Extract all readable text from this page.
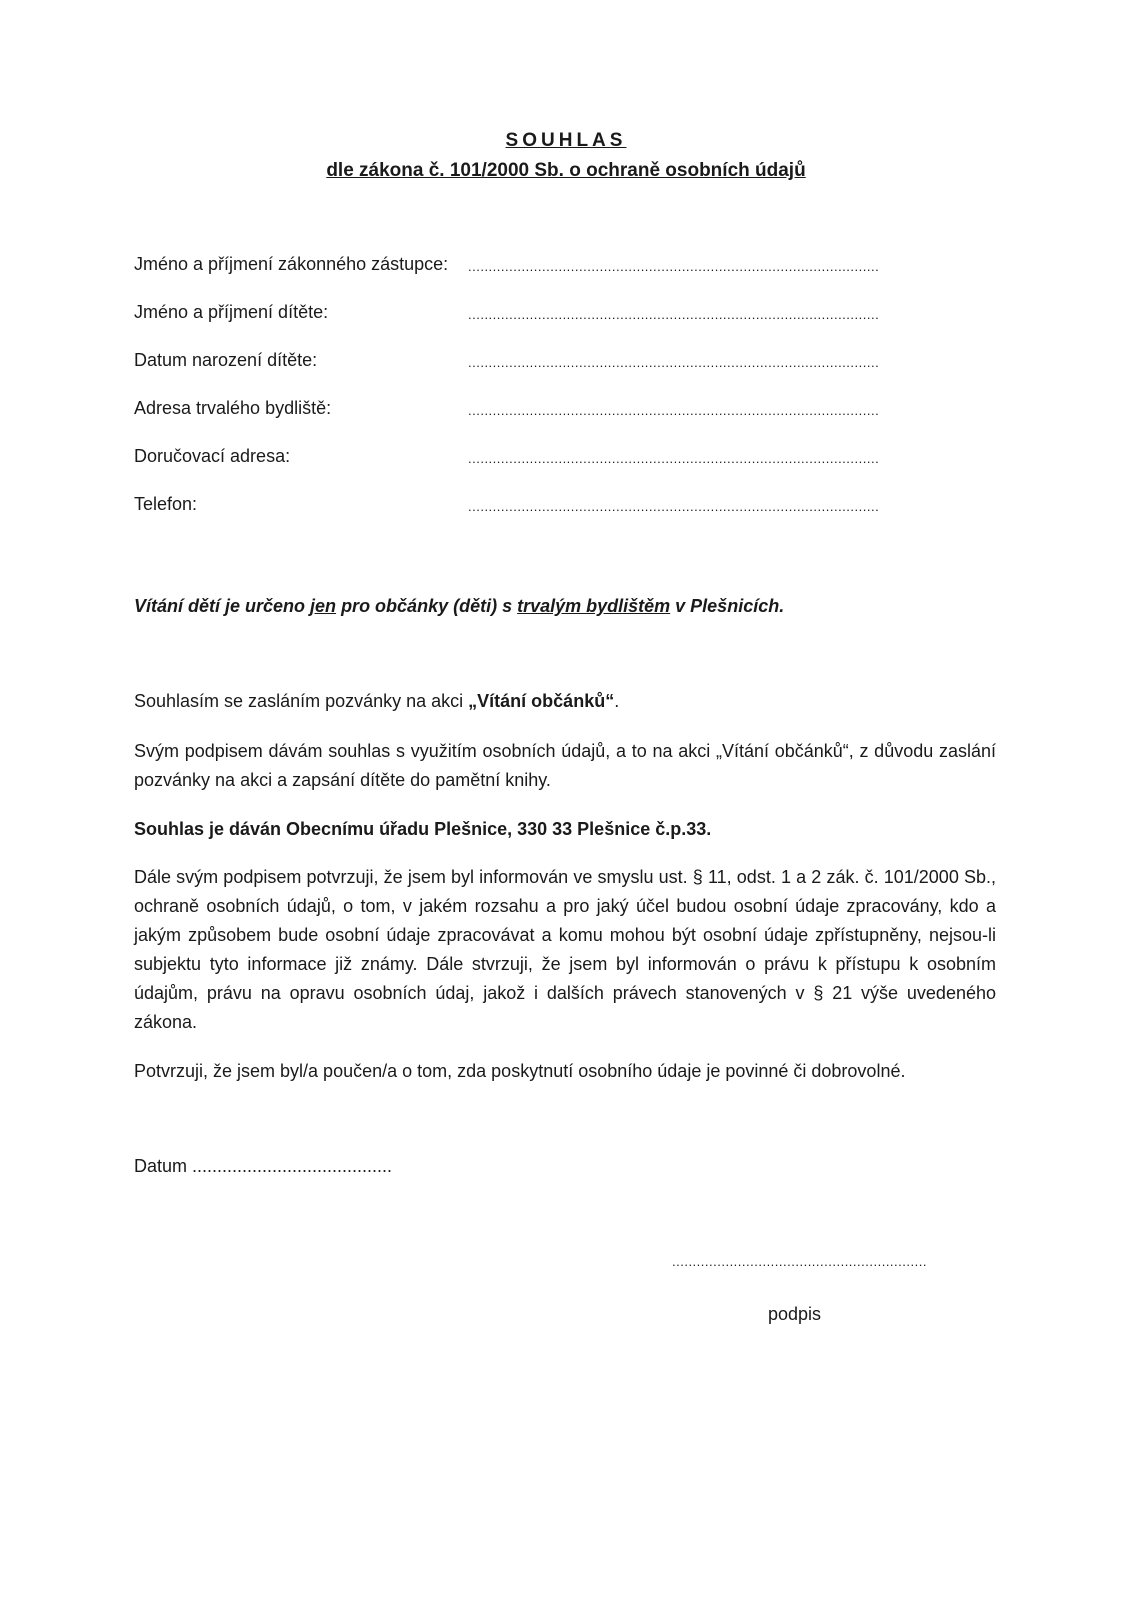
SOUHLAS
dle zákona č. 101/2000 Sb. o ochraně osobních údajů
Jméno a příjmení zákonného zástupce: ....................................................................................................
Jméno a příjmení dítěte:	....................................................................................................
Datum narození dítěte:	....................................................................................................
Adresa trvalého bydliště:	....................................................................................................
Doručovací adresa:	....................................................................................................
Telefon:	....................................................................................................
Vítání dětí je určeno jen pro občánky (děti) s trvalým bydlištěm v Plešnicích.
Souhlasím se zasláním pozvánky na akci „Vítání občánků“.
Svým podpisem dávám souhlas s využitím osobních údajů, a to na akci „Vítání občánků“, z důvodu zaslání pozvánky na akci a zapsání dítěte do pamětní knihy.
Souhlas je dáván Obecnímu úřadu Plešnice, 330 33 Plešnice č.p.33.
Dále svým podpisem potvrzuji, že jsem byl informován ve smyslu ust. § 11, odst. 1 a 2 zák. č. 101/2000 Sb., ochraně osobních údajů, o tom, v jakém rozsahu a pro jaký účel budou osobní údaje zpracovány, kdo a jakým způsobem bude osobní údaje zpracovávat a komu mohou být osobní údaje zpřístupněny, nejsou-li subjektu tyto informace již známy. Dále stvrzuji, že jsem byl informován o právu k přístupu k osobním údajům, právu na opravu osobních údaj, jakož i dalších právech stanovených v § 21 výše uvedeného zákona.
Potvrzuji, že jsem byl/a poučen/a o tom, zda poskytnutí osobního údaje je povinné či dobrovolné.
Datum ........................................
..............................................................
podpis
